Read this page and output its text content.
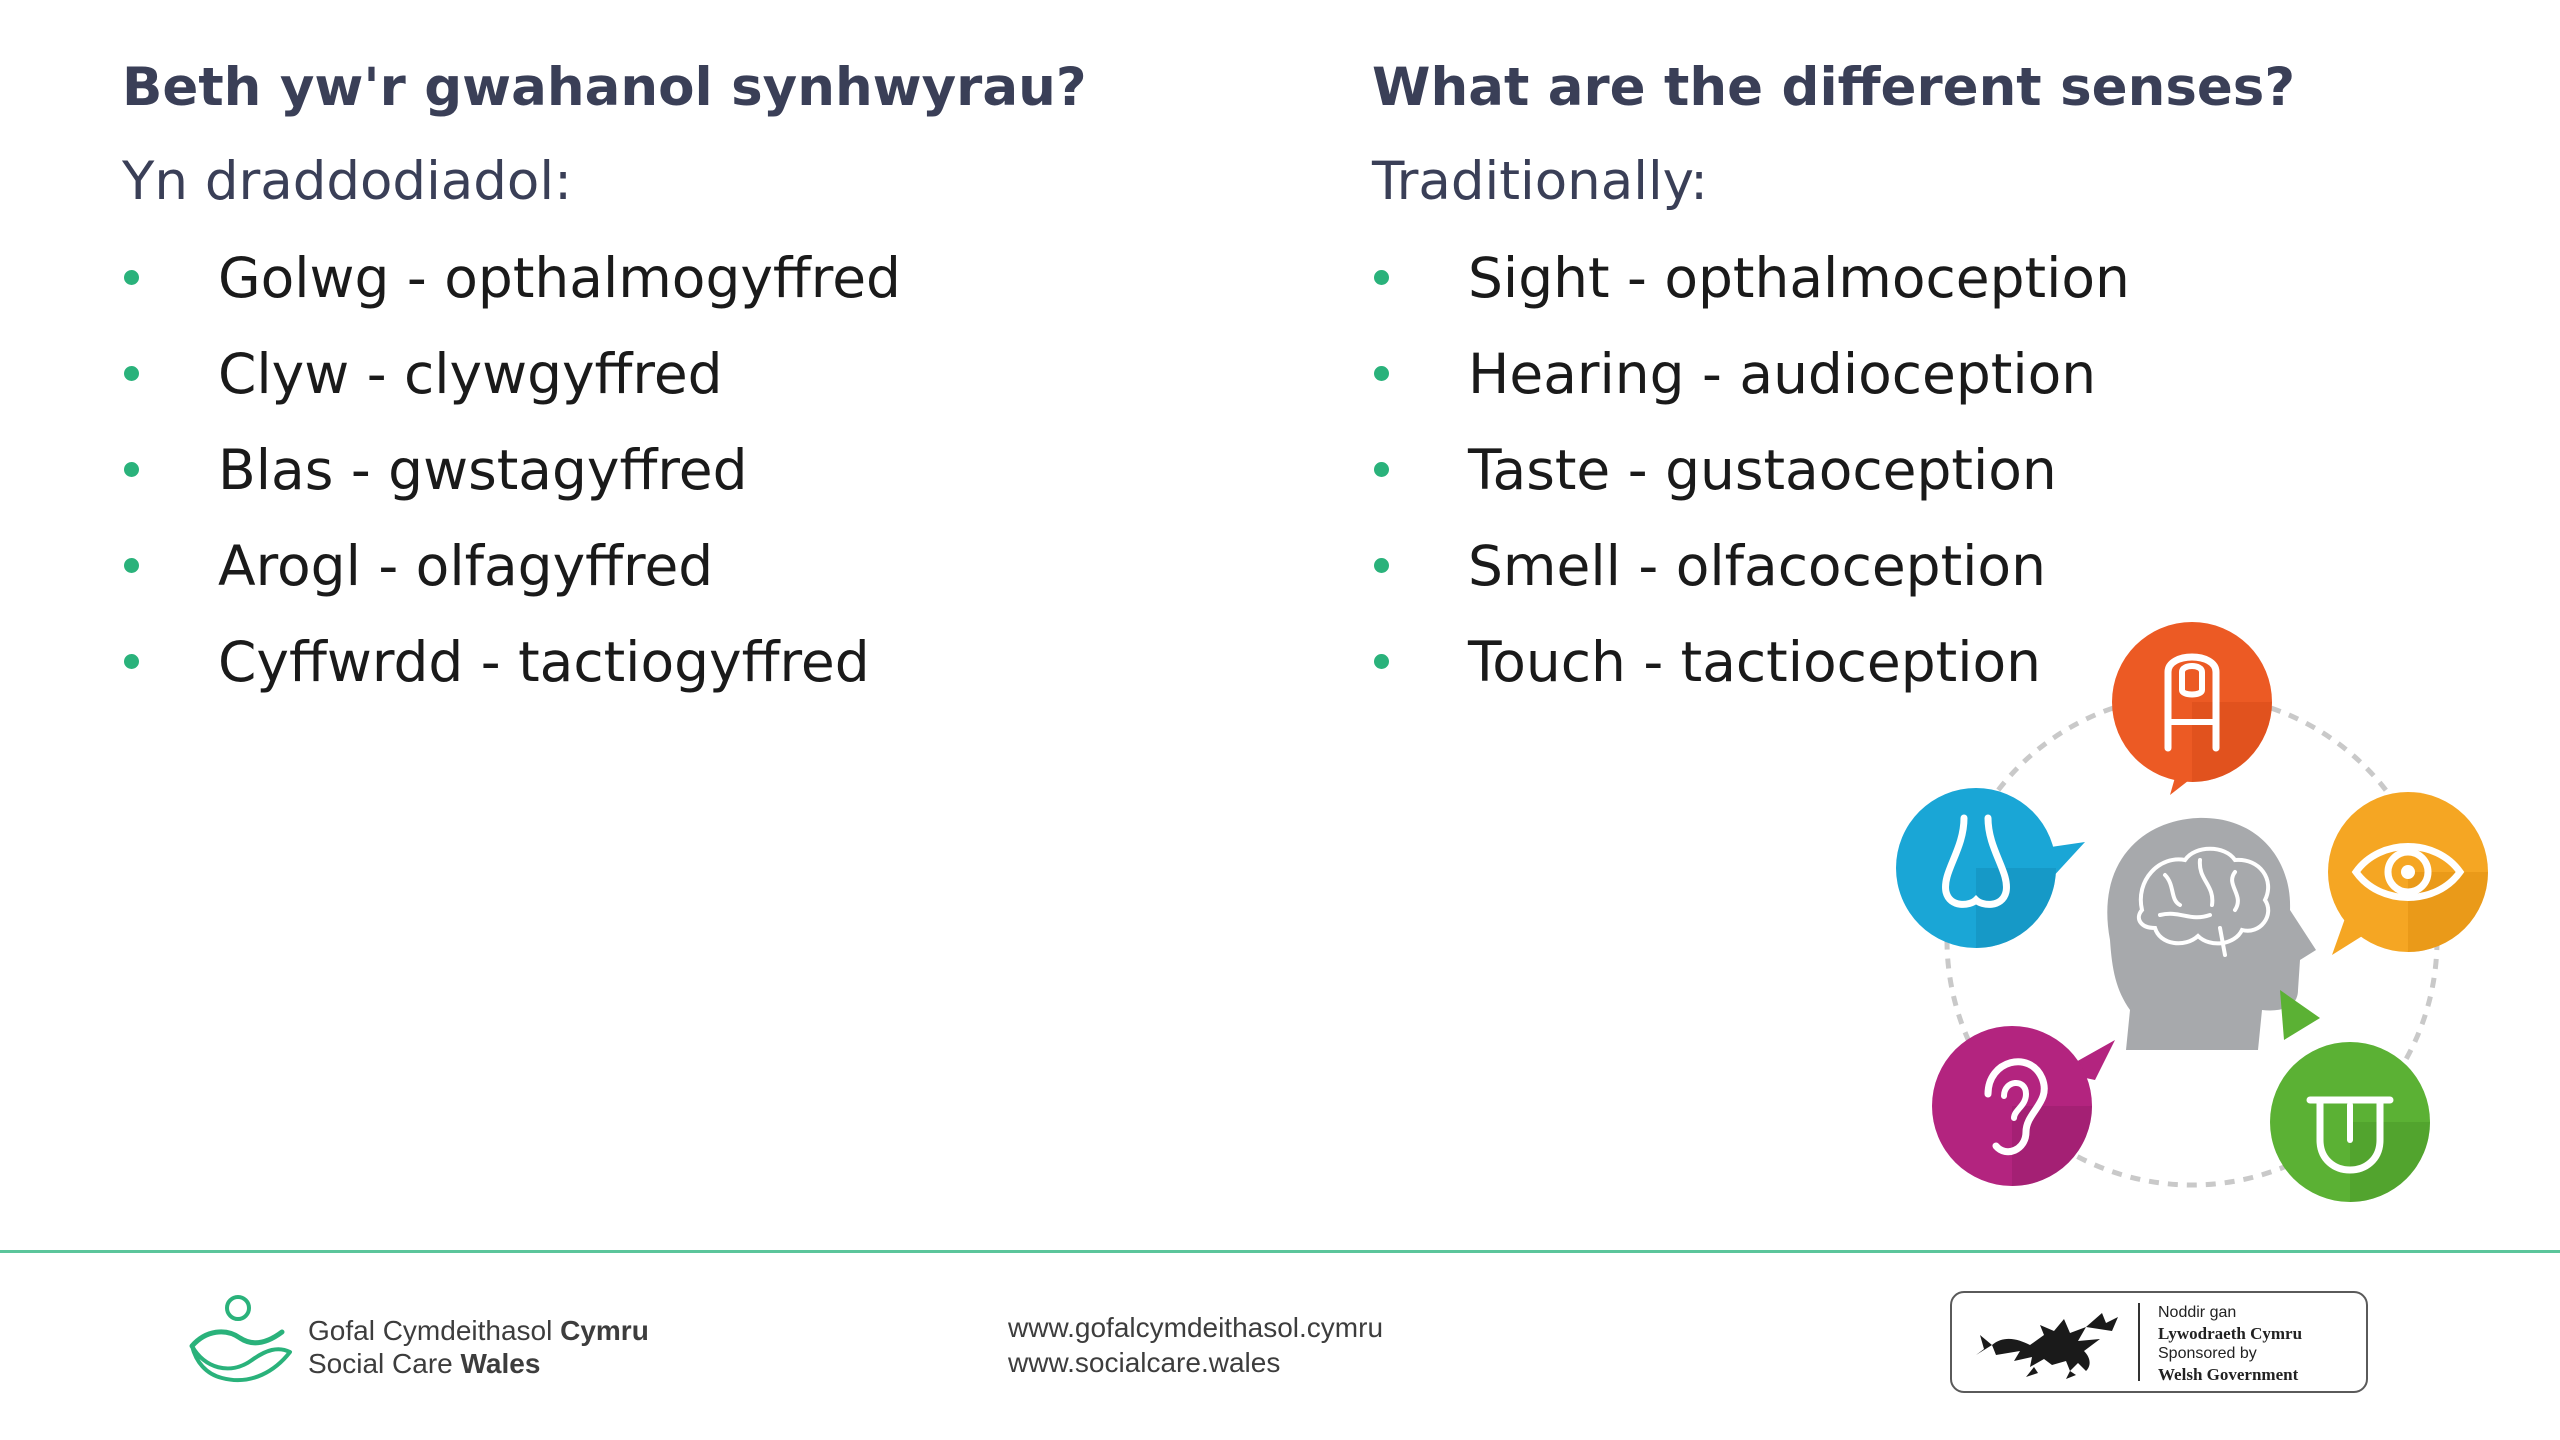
Beth yw'r gwahanol synhwyrau?
Yn draddodiadol:
Golwg - opthalmogyffred
Clyw - clywgyffred
Blas - gwstagyffred
Arogl - olfagyffred
Cyffwrdd - tactiogyffred
What are the different senses?
Traditionally:
Sight - opthalmoception
Hearing - audioception
Taste - gustaoception
Smell - olfacoception
Touch - tactioception
Gofal Cymdeithasol Cymru
Social Care Wales
www.gofalcymdeithasol.cymru
www.socialcare.wales
Noddir gan
Lywodraeth Cymru
Sponsored by
Welsh Government
